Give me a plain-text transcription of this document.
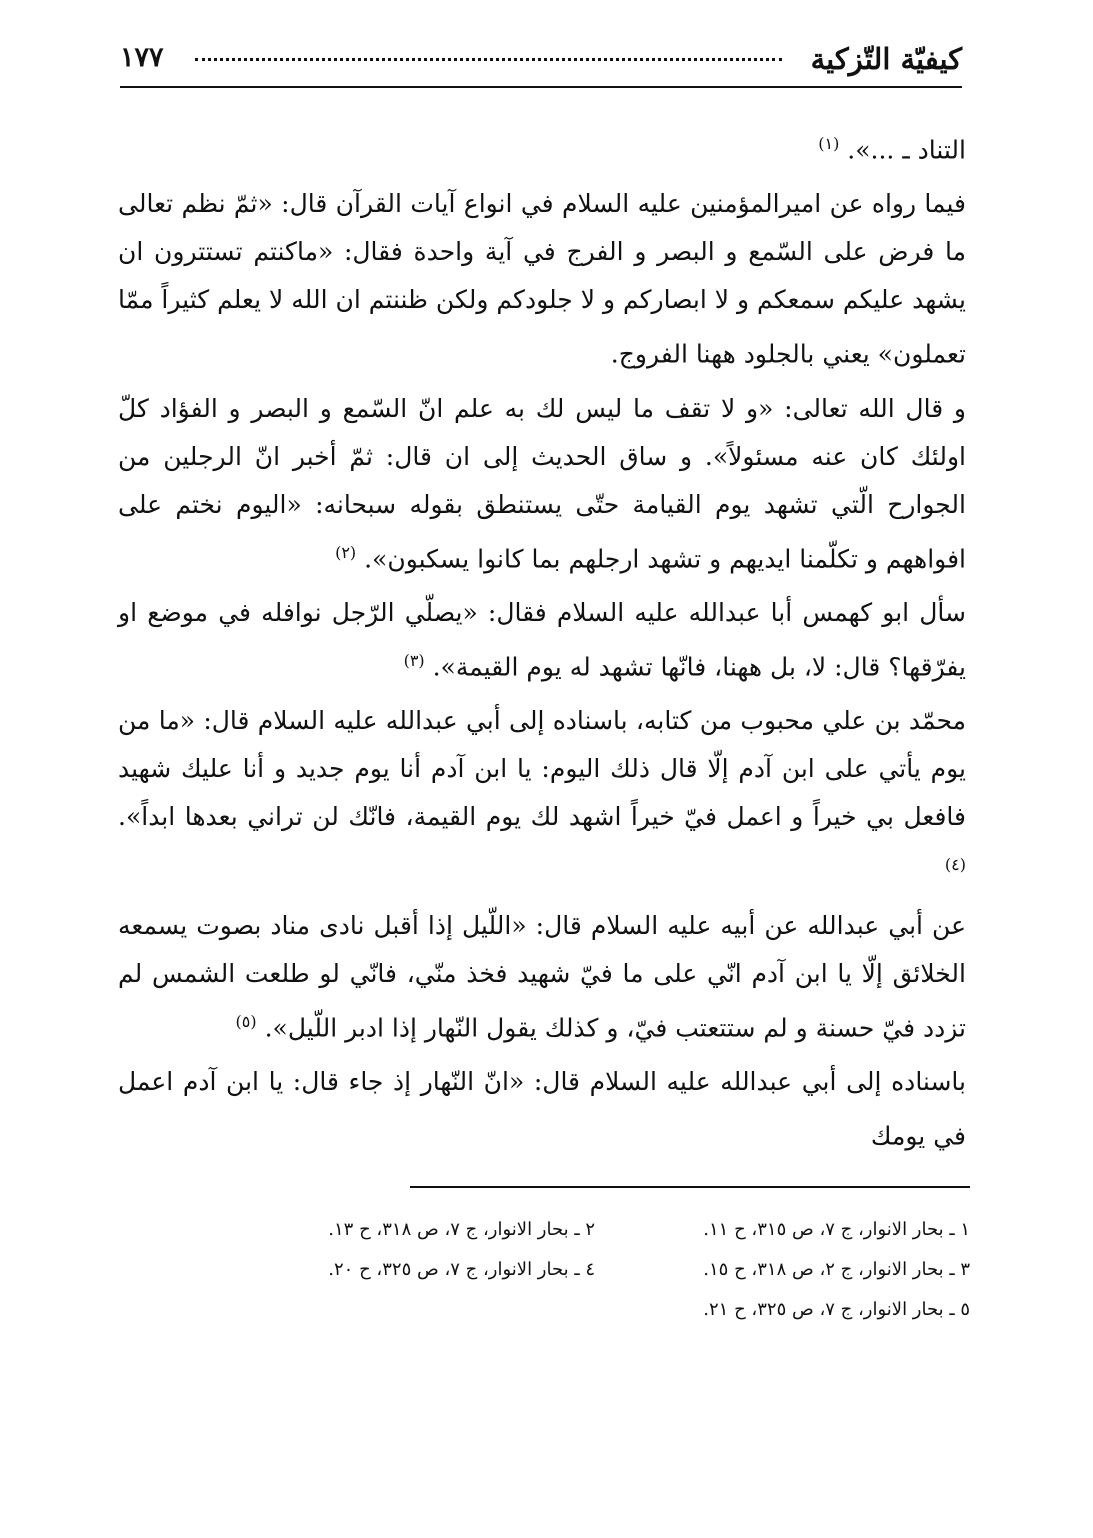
كيفيّة التّزكية
۱۷۷

التناد ـ ...». $^{(١)}$

فيما رواه عن اميرالمؤمنين عليه السلام في انواع آيات القرآن قال: «ثمّ نظم تعالى ما فرض على السّمع و البصر و الفرج في آية واحدة فقال: «ماكنتم تستترون ان يشهد عليكم سمعكم و لا ابصاركم و لا جلودكم ولكن ظننتم ان الله لا يعلم كثيراً ممّا تعملون» يعني بالجلود ههنا الفروج.

و قال الله تعالى: «و لا تقف ما ليس لك به علم انّ السّمع و البصر و الفؤاد كلّ اولئك كان عنه مسئولاً». و ساق الحديث إلى ان قال: ثمّ أخبر انّ الرجلين من الجوارح الّتي تشهد يوم القيامة حتّى يستنطق بقوله سبحانه: «اليوم نختم على افواههم و تكلّمنا ايديهم و تشهد ارجلهم بما كانوا يسكبون». $^{(٢)}$

سأل ابو كهمس أبا عبدالله عليه السلام فقال: «يصلّي الرّجل نوافله في موضع او يفرّقها؟ قال: لا، بل ههنا، فانّها تشهد له يوم القيمة». $^{(٣)}$

محمّد بن علي محبوب من كتابه، باسناده إلى أبي عبدالله عليه السلام قال: «ما من يوم يأتي على ابن آدم إلّا قال ذلك اليوم: يا ابن آدم أنا يوم جديد و أنا عليك شهيد فافعل بي خيراً و اعمل فيّ خيراً اشهد لك يوم القيمة، فانّك لن تراني بعدها ابداً». $^{(٤)}$

عن أبي عبدالله عن أبيه عليه السلام قال: «اللّيل إذا أقبل نادى مناد بصوت يسمعه الخلائق إلّا يا ابن آدم انّي على ما فيّ شهيد فخذ منّي، فانّي لو طلعت الشمس لم تزدد فيّ حسنة و لم ستتعتب فيّ، و كذلك يقول النّهار إذا ادبر اللّيل». $^{(٥)}$

باسناده إلى أبي عبدالله عليه السلام قال: «انّ النّهار إذ جاء قال: يا ابن آدم اعمل في يومك

١ ـ بحار الانوار، ج ٧، ص ٣١٥، ح ١١.
٢ ـ بحار الانوار، ج ٧، ص ٣١٨، ح ١٣.
٣ ـ بحار الانوار، ج ٢، ص ٣١٨، ح ١٥.
٤ ـ بحار الانوار، ج ٧، ص ٣٢٥، ح ٢٠.
٥ ـ بحار الانوار، ج ٧، ص ٣٢٥، ح ٢١.
